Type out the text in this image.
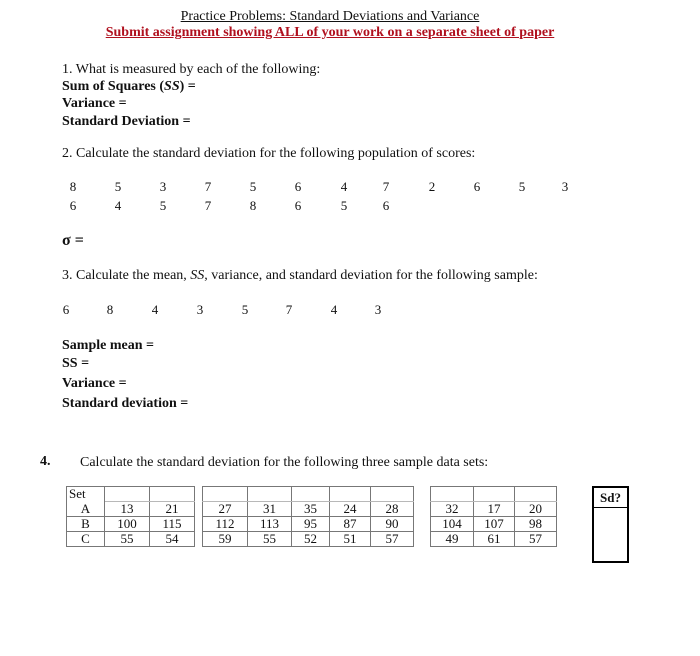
Practice Problems: Standard Deviations and Variance
Submit assignment showing ALL of your work on a separate sheet of paper
1. What is measured by each of the following:
Sum of Squares (SS) =
Variance =
Standard Deviation =
2. Calculate the standard deviation for the following population of scores:
8	5	3	7	5	6	4	7	2	6	5	3
6	4	5	7	8	6	5	6
σ =
3. Calculate the mean, SS, variance, and standard deviation for the following sample:
6	8	4	3	5	7	4	3
Sample mean =
SS =
Variance =
Standard deviation =
4. Calculate the standard deviation for the following three sample data sets:
Set												
A	13	21		27	31	35	24	28		32	17	20
B	100	115		112	113	95	87	90		104	107	98
C	55	54		59	55	52	51	57		49	61	57
Sd?
